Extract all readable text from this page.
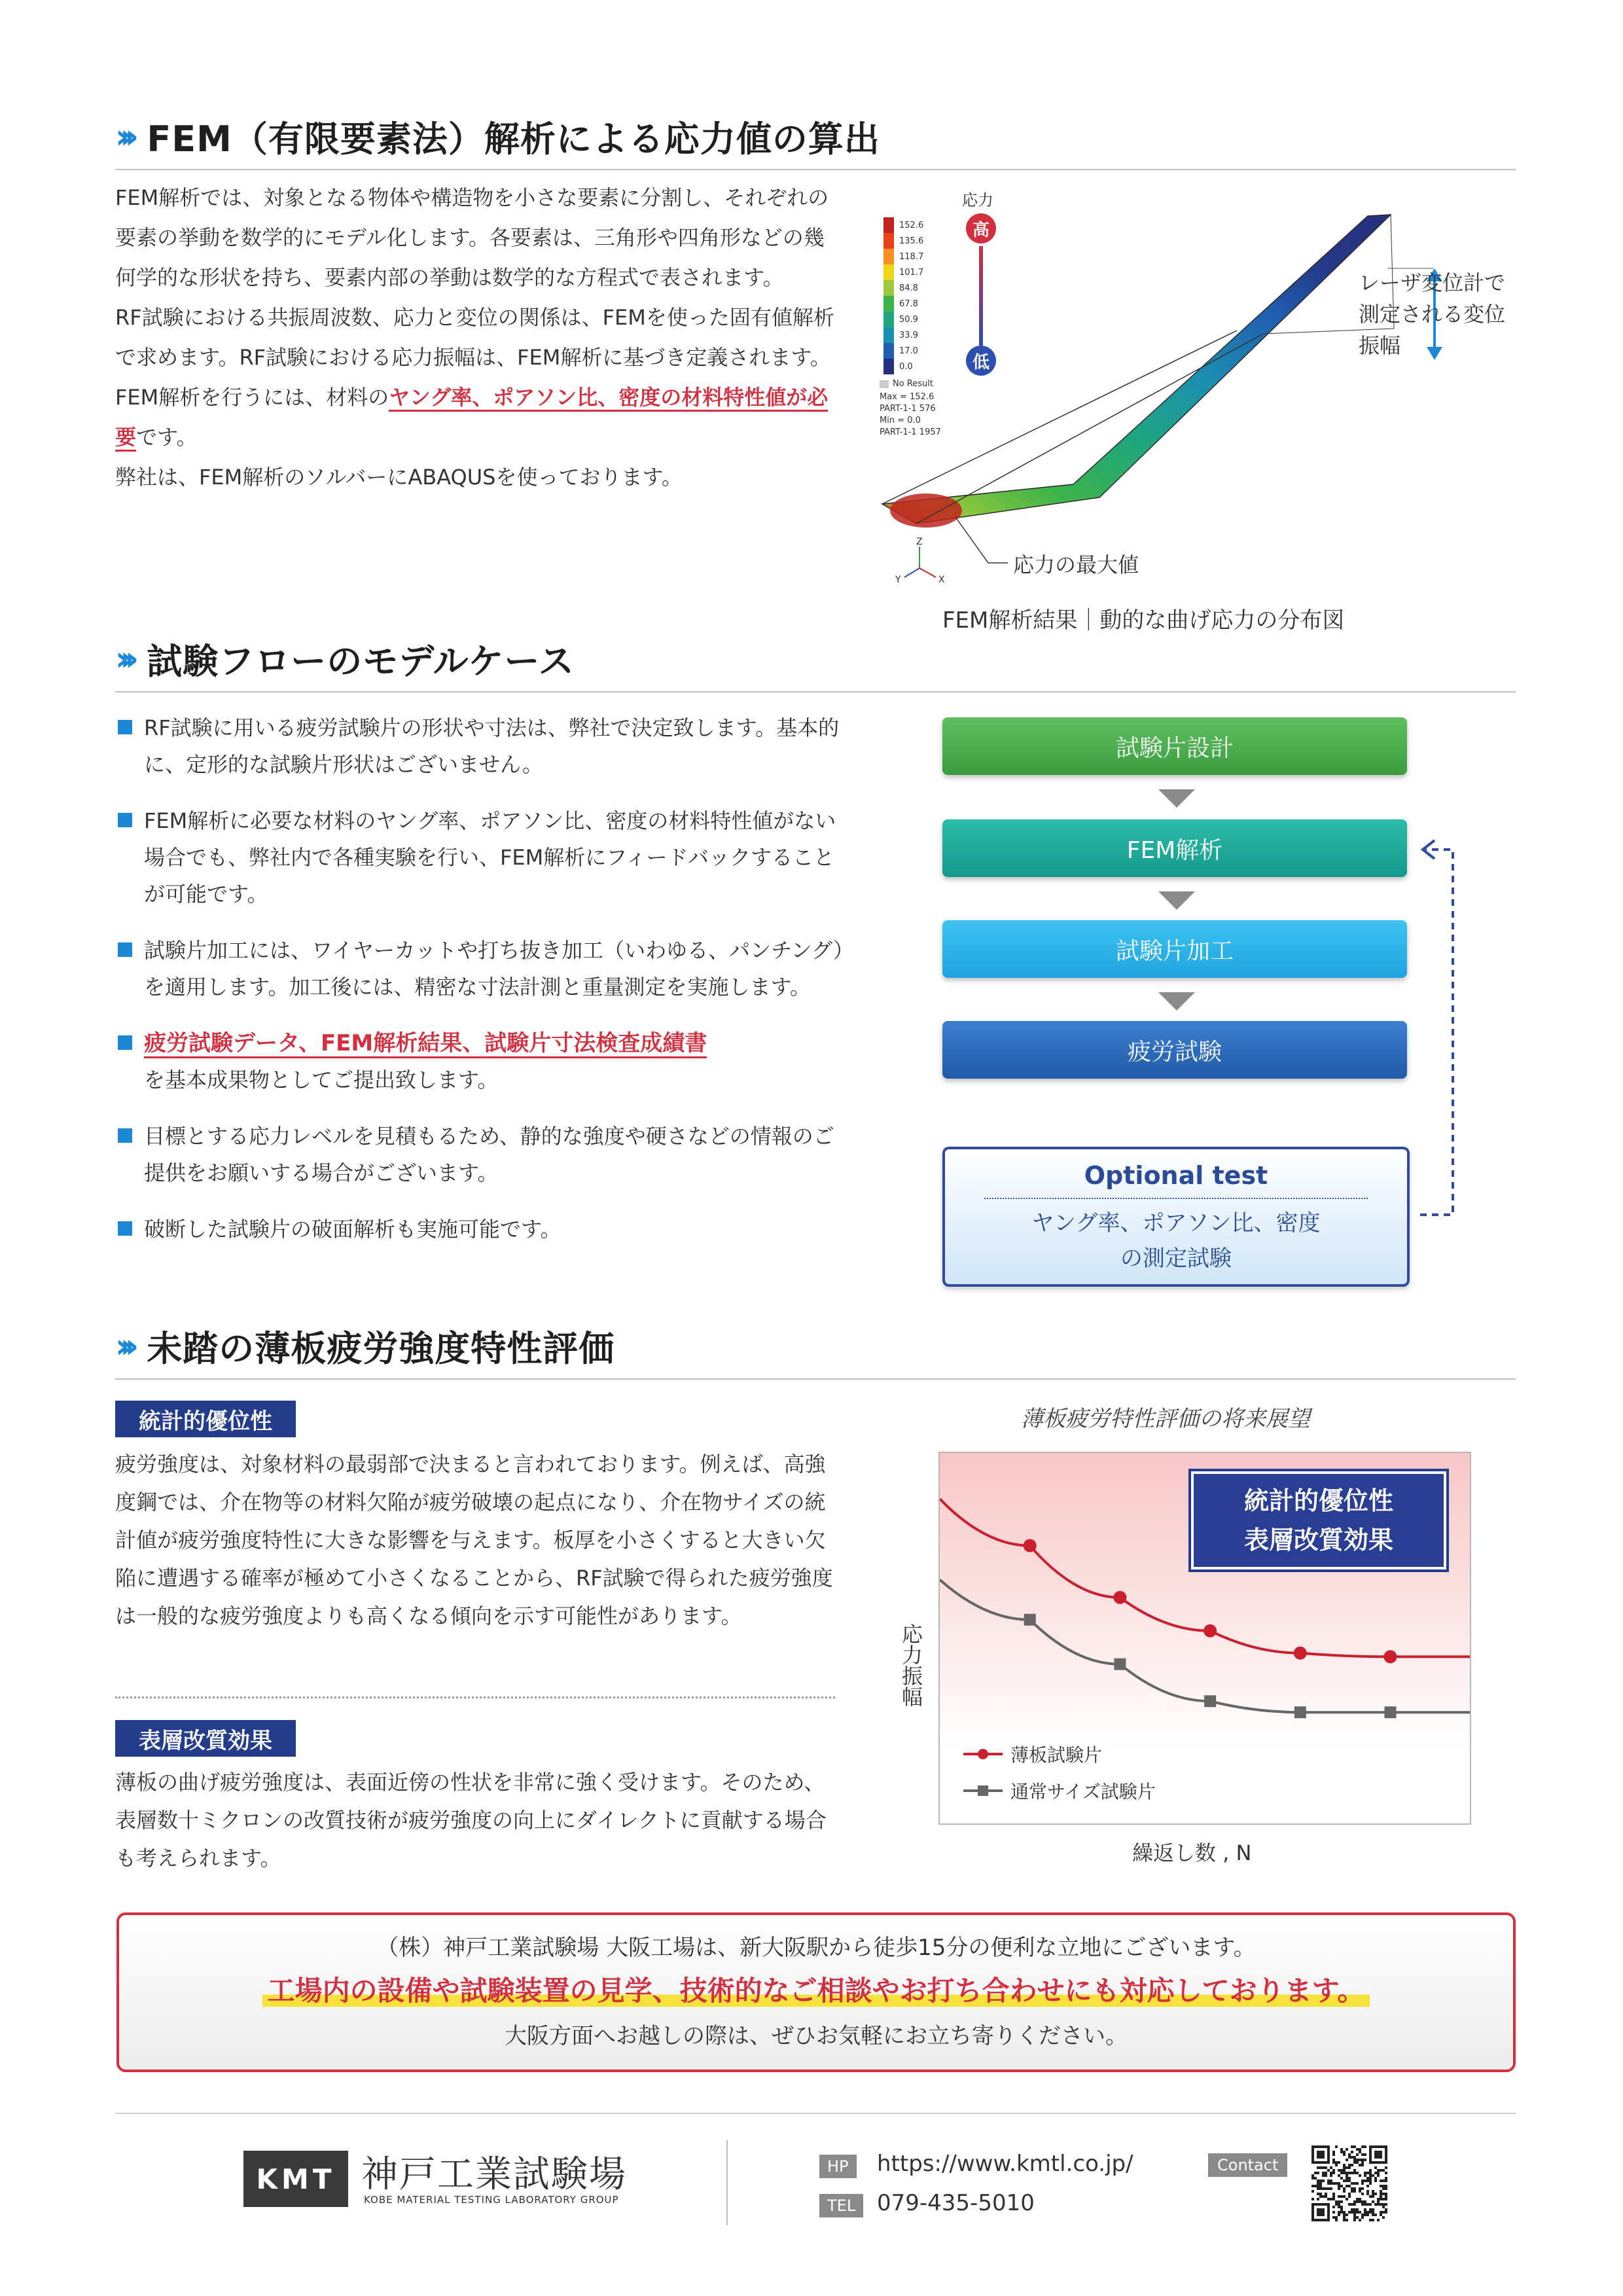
› › › FEM（有限要素法）解析による応力値の算出

FEM解析では、対象となる物体や構造物を小さな要素に分割し、それぞれの要素の挙動を数学的にモデル化します。各要素は、三角形や四角形などの幾何学的な形状を持ち、要素内部の挙動は数学的な方程式で表されます。

RF試験における共振周波数、応力と変位の関係は、FEMを使った固有値解析で求めます。RF試験における応力振幅は、FEM解析に基づき定義されます。

FEM解析を行うには、材料のヤング率、ポアソン比、密度の材料特性値が必要です。

弊社は、FEM解析のソルバーにABAQUSを使っております。

Z
X
Y
152.6
135.6
118.7
101.7
84.8
67.8
50.9
33.9
17.0
0.0
No Result
Max = 152.6
PART-1-1 576
Min = 0.0
PART-1-1 1957
応力
高
低
レーザ変位計で測定される変位振幅
応力の最大値
FEM解析結果｜動的な曲げ応力の分布図
› › › 試験フローのモデルケース
RF試験に用いる疲労試験片の形状や寸法は、弊社で決定致します。基本的に、定形的な試験片形状はございません。
FEM解析に必要な材料のヤング率、ポアソン比、密度の材料特性値がない場合でも、弊社内で各種実験を行い、FEM解析にフィードバックすることが可能です。
試験片加工には、ワイヤーカットや打ち抜き加工（いわゆる、パンチング）を適用します。加工後には、精密な寸法計測と重量測定を実施します。
疲労試験データ、FEM解析結果、試験片寸法検査成績書
を基本成果物としてご提出致します。
目標とする応力レベルを見積もるため、静的な強度や硬さなどの情報のご提供をお願いする場合がございます。
破断した試験片の破面解析も実施可能です。
試験片設計
FEM解析
試験片加工
疲労試験
Optional test
ヤング率、ポアソン比、密度の測定試験
› › › 未踏の薄板疲労強度特性評価
統計的優位性
疲労強度は、対象材料の最弱部で決まると言われております。例えば、高強度鋼では、介在物等の材料欠陥が疲労破壊の起点になり、介在物サイズの統計値が疲労強度特性に大きな影響を与えます。板厚を小さくすると大きい欠陥に遭遇する確率が極めて小さくなることから、RF試験で得られた疲労強度は一般的な疲労強度よりも高くなる傾向を示す可能性があります。
表層改質効果
薄板の曲げ疲労強度は、表面近傍の性状を非常に強く受けます。そのため、表層数十ミクロンの改質技術が疲労強度の向上にダイレクトに貢献する場合も考えられます。
薄板疲労特性評価の将来展望
応力振幅
統計的優位性
表層改質効果
薄板試験片
通常サイズ試験片
繰返し数 , N
（株）神戸工業試験場 大阪工場は、新大阪駅から徒歩15分の便利な立地にございます。
工場内の設備や試験装置の見学、技術的なご相談やお打ち合わせにも対応しております。
大阪方面へお越しの際は、ぜひお気軽にお立ち寄りください。
KMT 神戸工業試験場
KOBE MATERIAL TESTING LABORATORY GROUP
HP	https://www.kmtl.co.jp/
TEL 079-435-5010
Contact
